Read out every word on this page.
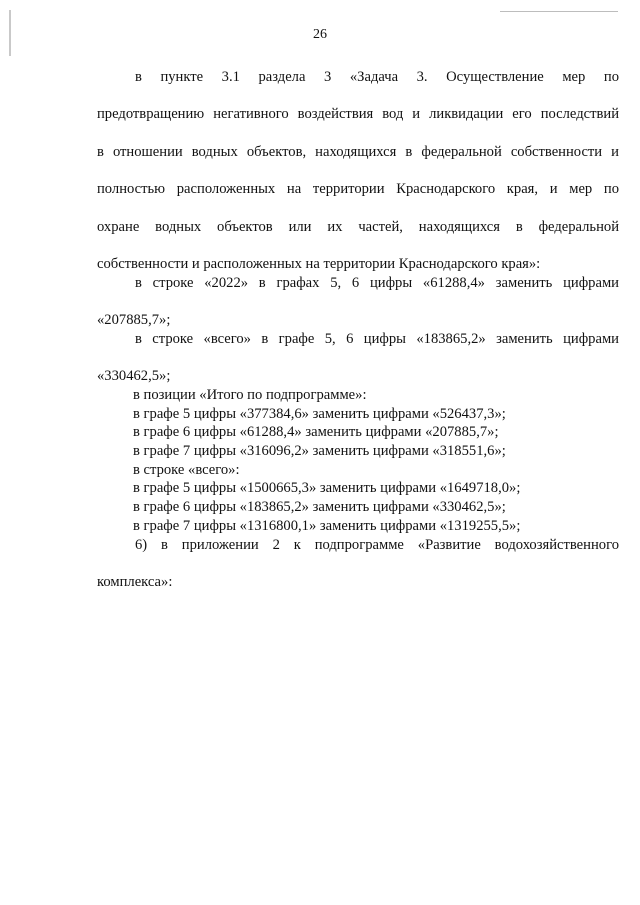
26

в пункте 3.1 раздела 3 «Задача 3. Осуществление мер по

предотвращению негативного воздействия вод и ликвидации его последствий

в отношении водных объектов, находящихся в федеральной собственности и

полностью расположенных на территории Краснодарского края, и мер по

охране водных объектов или их частей, находящихся в федеральной

собственности и расположенных на территории Краснодарского края»:

в строке «2022» в графах 5, 6 цифры «61288,4» заменить цифрами

«207885,7»;

в строке «всего» в графе 5, 6 цифры «183865,2» заменить цифрами

«330462,5»;

в позиции «Итого по подпрограмме»:

в графе 5 цифры «377384,6» заменить цифрами «526437,3»;

в графе 6 цифры «61288,4» заменить цифрами «207885,7»;

в графе 7 цифры «316096,2» заменить цифрами «318551,6»;

в строке «всего»:

в графе 5 цифры «1500665,3» заменить цифрами «1649718,0»;

в графе 6 цифры «183865,2» заменить цифрами «330462,5»;

в графе 7 цифры «1316800,1» заменить цифрами «1319255,5»;

6) в приложении 2 к подпрограмме «Развитие водохозяйственного

комплекса»:
